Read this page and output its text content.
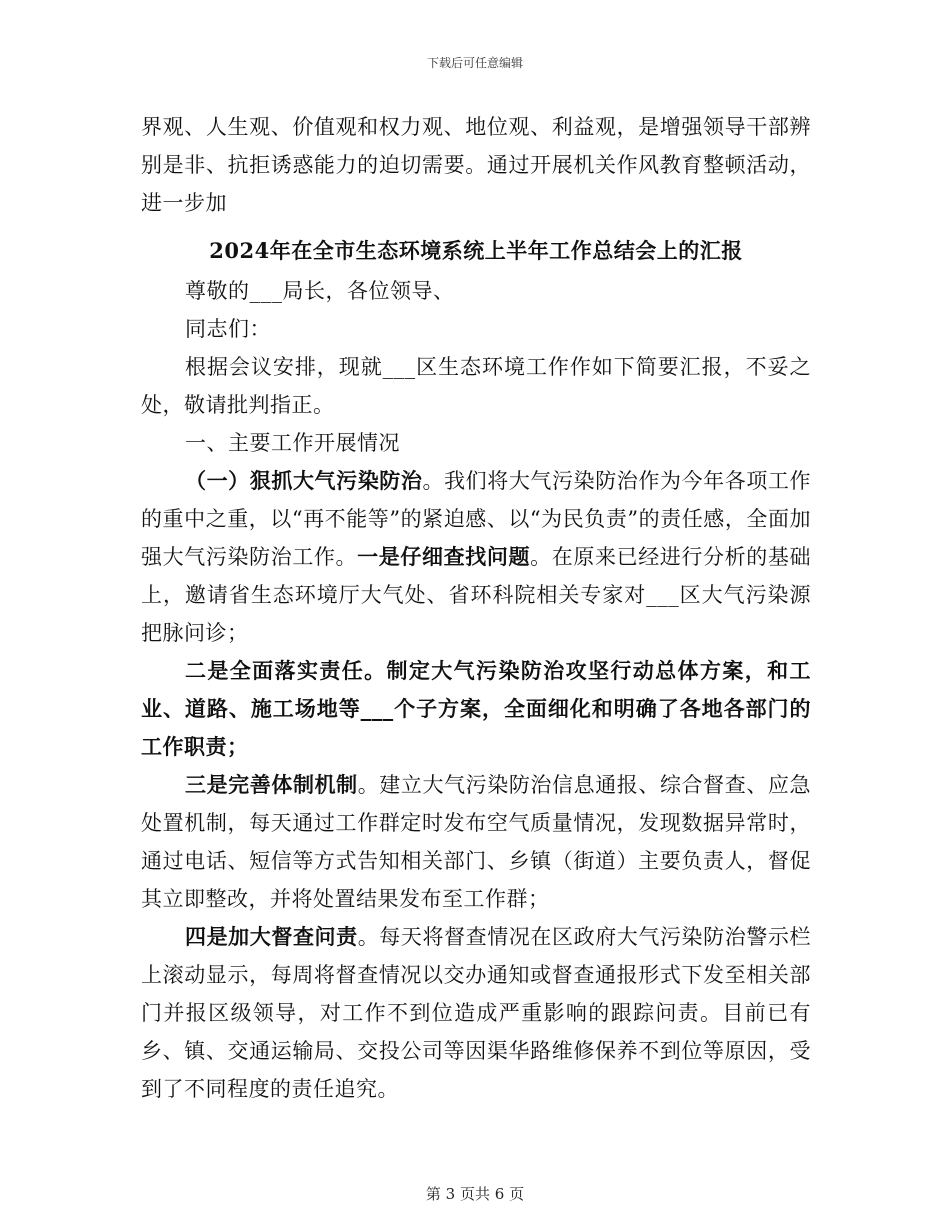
下载后可任意编辑

界观、人生观、价值观和权力观、地位观、利益观，是增强领导干部辨别是非、抗拒诱惑能力的迫切需要。通过开展机关作风教育整顿活动，进一步加

2024年在全市生态环境系统上半年工作总结会上的汇报

尊敬的___局长，各位领导、

同志们：

根据会议安排，现就___区生态环境工作作如下简要汇报，不妥之处，敬请批判指正。

一、主要工作开展情况

（一）狠抓大气污染防治。我们将大气污染防治作为今年各项工作的重中之重，以“再不能等”的紧迫感、以“为民负责”的责任感，全面加强大气污染防治工作。一是仔细查找问题。在原来已经进行分析的基础上，邀请省生态环境厅大气处、省环科院相关专家对___区大气污染源把脉问诊；

二是全面落实责任。制定大气污染防治攻坚行动总体方案，和工业、道路、施工场地等___个子方案，全面细化和明确了各地各部门的工作职责；

三是完善体制机制。建立大气污染防治信息通报、综合督查、应急处置机制，每天通过工作群定时发布空气质量情况，发现数据异常时，通过电话、短信等方式告知相关部门、乡镇（街道）主要负责人，督促其立即整改，并将处置结果发布至工作群；

四是加大督查问责。每天将督查情况在区政府大气污染防治警示栏上滚动显示，每周将督查情况以交办通知或督查通报形式下发至相关部门并报区级领导，对工作不到位造成严重影响的跟踪问责。目前已有乡、镇、交通运输局、交投公司等因渠华路维修保养不到位等原因，受到了不同程度的责任追究。

第 3 页共 6 页
